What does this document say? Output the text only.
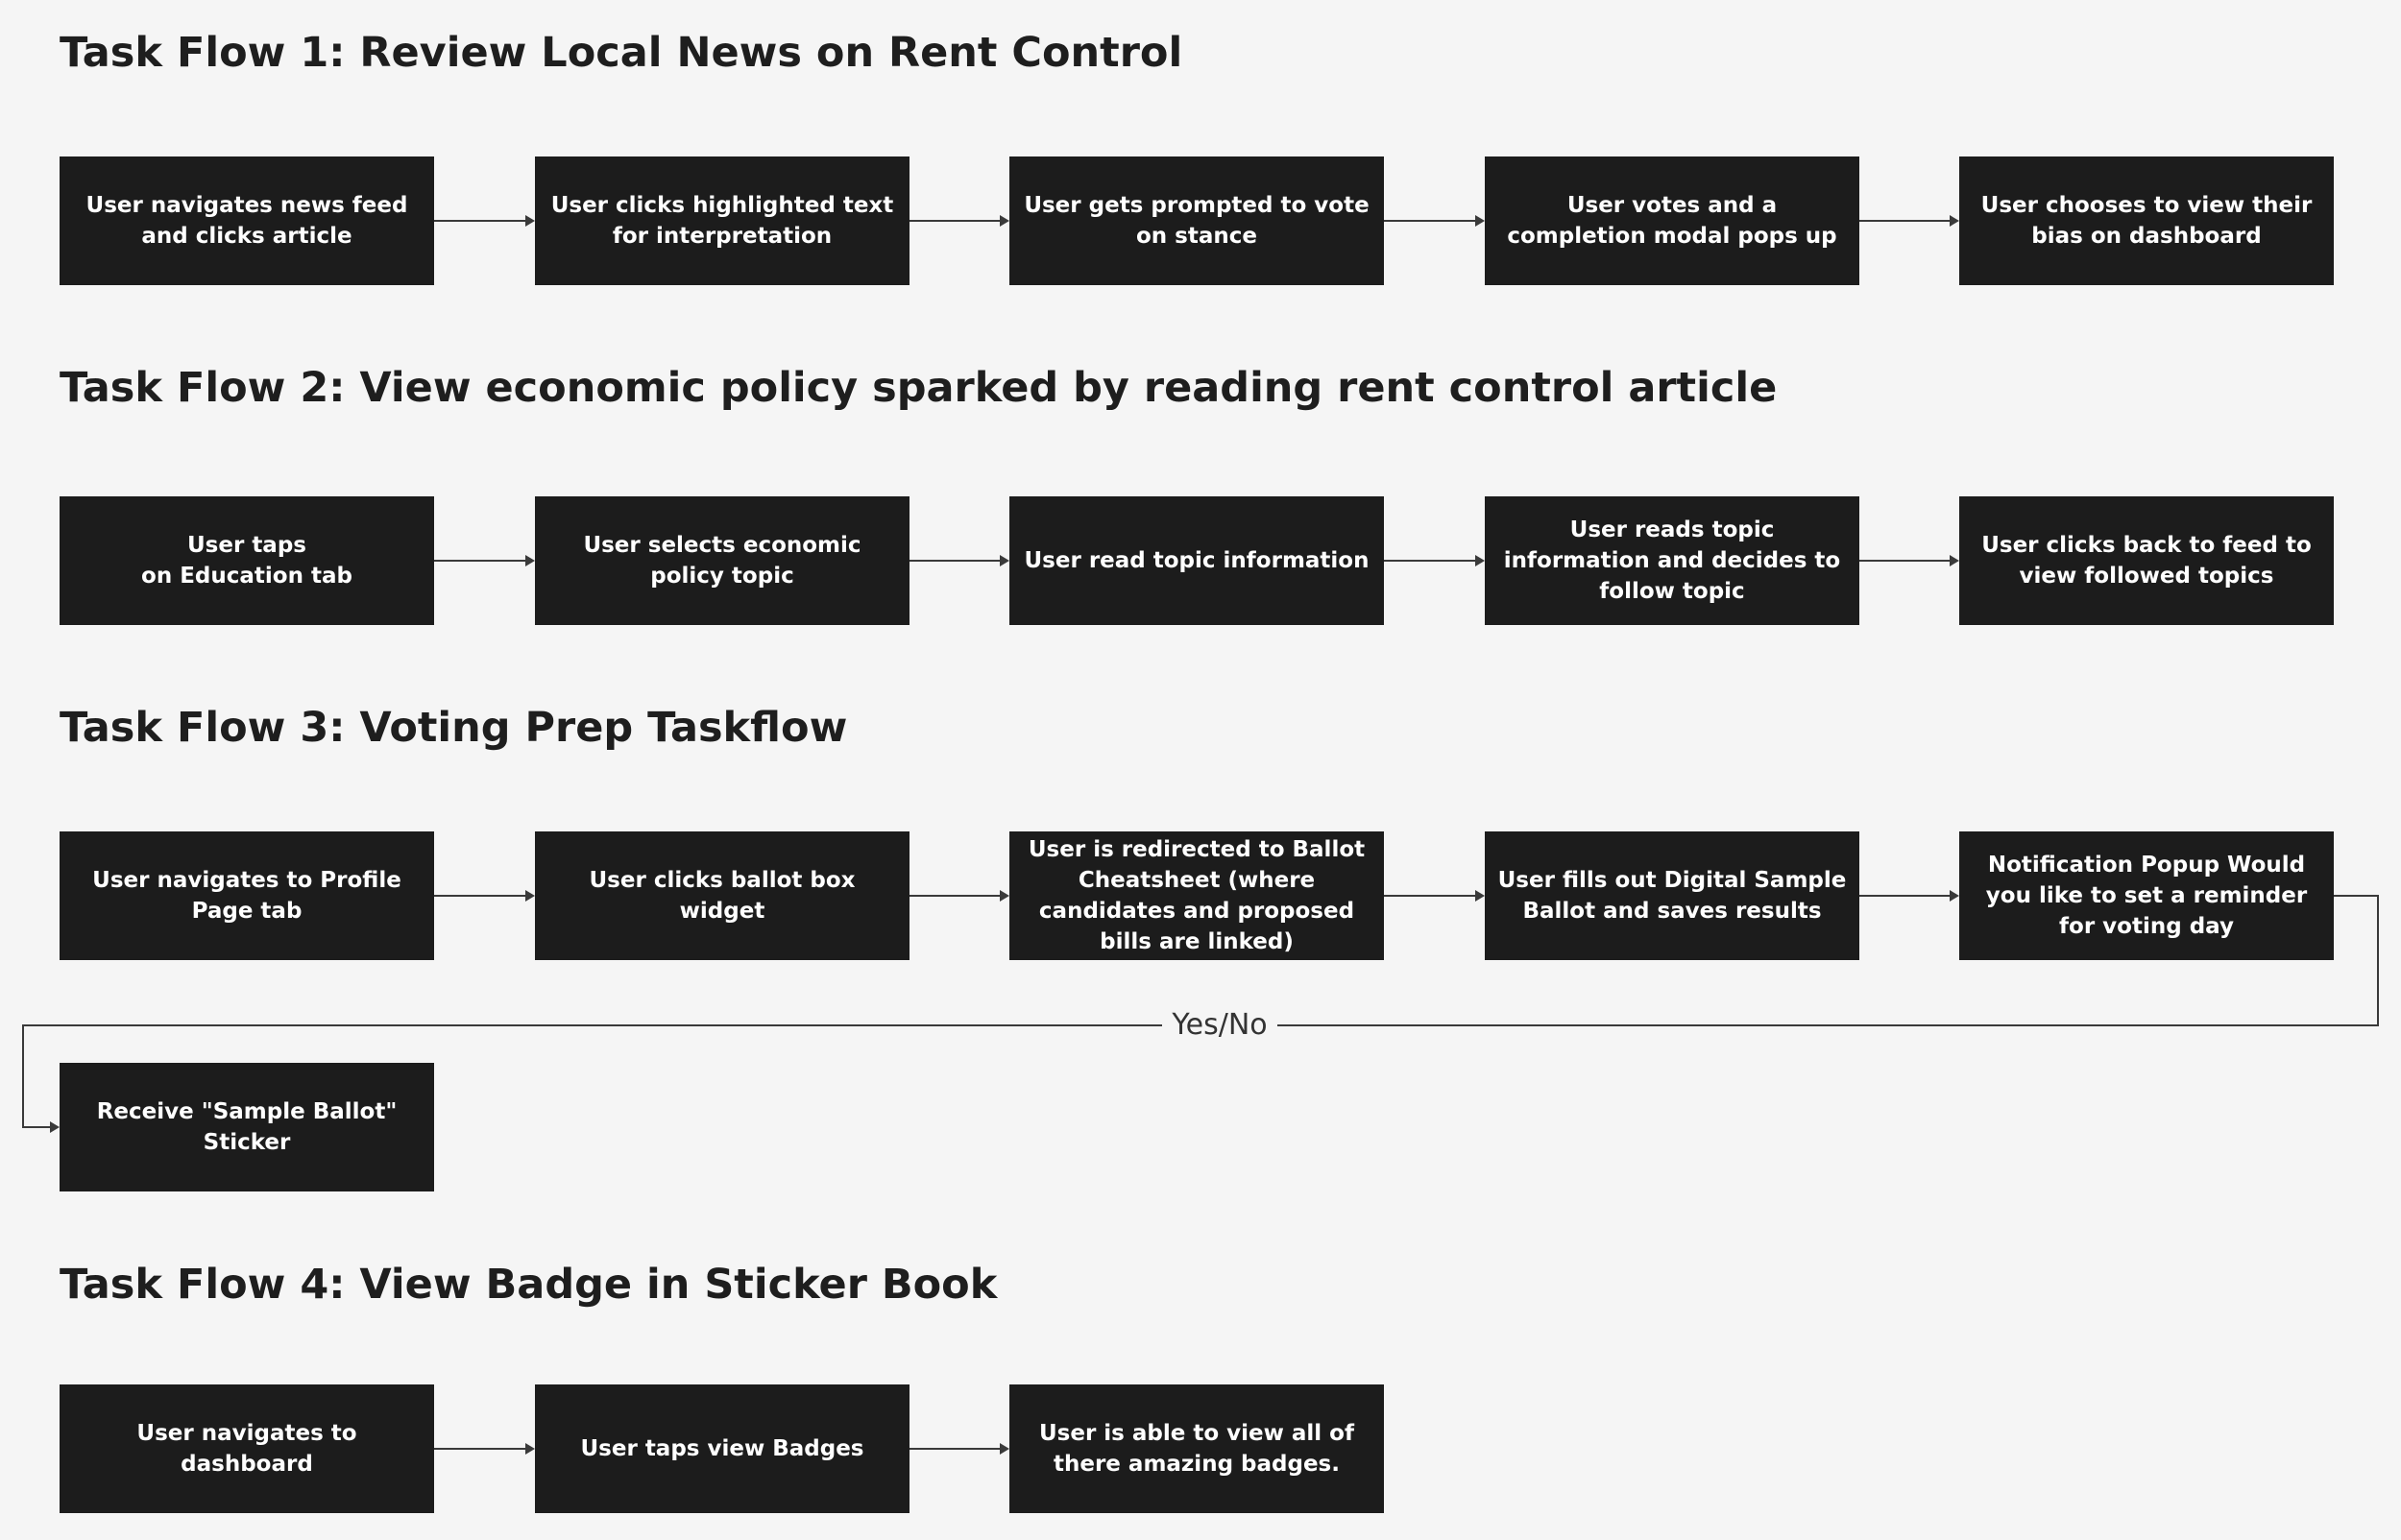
Task Flow 1: Review Local News on Rent Control
User navigates news feed and clicks article
User clicks highlighted text for interpretation
User gets prompted to vote on stance
User votes and a completion modal pops up
User chooses to view their bias on dashboard
Task Flow 2: View economic policy sparked by reading rent control article
User taps
on Education tab
User selects economic policy topic
User read topic information
User reads topic information and decides to follow topic
User clicks back to feed to view followed topics
Task Flow 3: Voting Prep Taskflow
User navigates to Profile Page tab
User clicks ballot box widget
User is redirected to Ballot Cheatsheet (where candidates and proposed bills are linked)
User fills out Digital Sample Ballot and saves results
Notification Popup Would you like to set a reminder for voting day
Yes/No
Receive "Sample Ballot" Sticker
Task Flow 4: View Badge in Sticker Book
User navigates to dashboard
User taps view Badges
User is able to view all of there amazing badges.
